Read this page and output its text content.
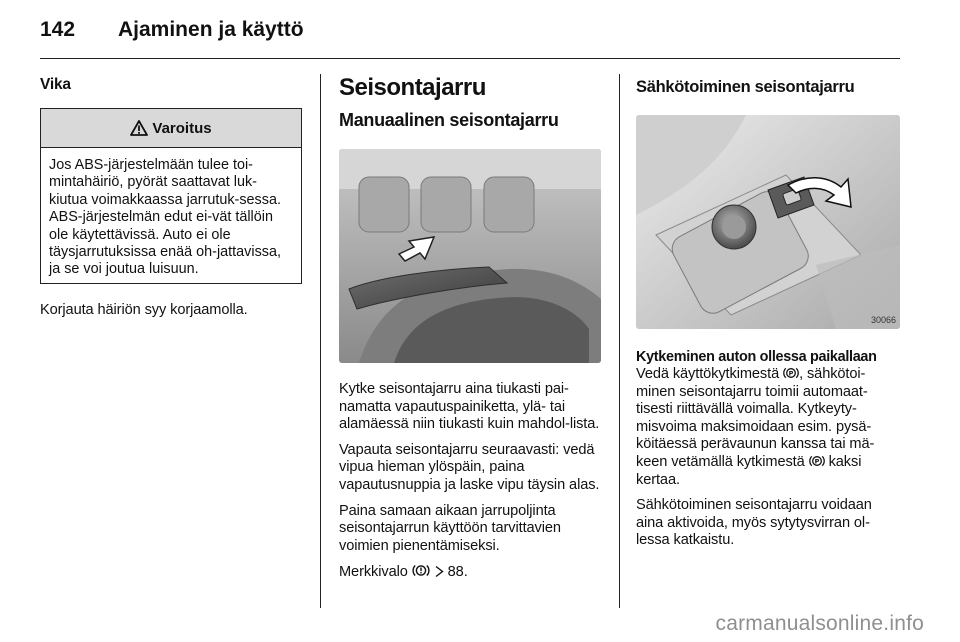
142 Ajaminen ja käyttö
Vika
Varoitus
Jos ABS-järjestelmään tulee toi-mintahäiriö, pyörät saattavat luk-kiutua voimakkaassa jarrutuk-sessa. ABS-järjestelmän edut ei-vät tällöin ole käytettävissä. Auto ei ole täysjarrutuksissa enää oh-jattavissa, ja se voi joutua luisuun.

Korjauta häiriön syy korjaamolla.

Seisontajarru
Manuaalinen seisontajarru

Kytke seisontajarru aina tiukasti pai-namatta vapautuspainiketta, ylä- tai alamäessä niin tiukasti kuin mahdol-lista.

Vapauta seisontajarru seuraavasti: vedä vipua hieman ylöspäin, paina vapautusnuppia ja laske vipu täysin alas.

Paina samaan aikaan jarrupoljinta seisontajarrun käyttöön tarvittavien voimien pienentämiseksi.

Merkkivalo	88.

Sähkötoiminen seisontajarru
30066

Kytkeminen auton ollessa paikallaan

Vedä käyttökytkimestä P , sähkötoi-minen seisontajarru toimii automaat-tisesti riittävällä voimalla. Kytkeyty-misvoima maksimoidaan esim. pysä-köitäessä perävaunun kanssa tai mä-keen vetämällä kytkimestä P kaksi kertaa.

Sähkötoiminen seisontajarru voidaan aina aktivoida, myös sytytysvirran ol-lessa katkaistu.

carmanualsonline.info
